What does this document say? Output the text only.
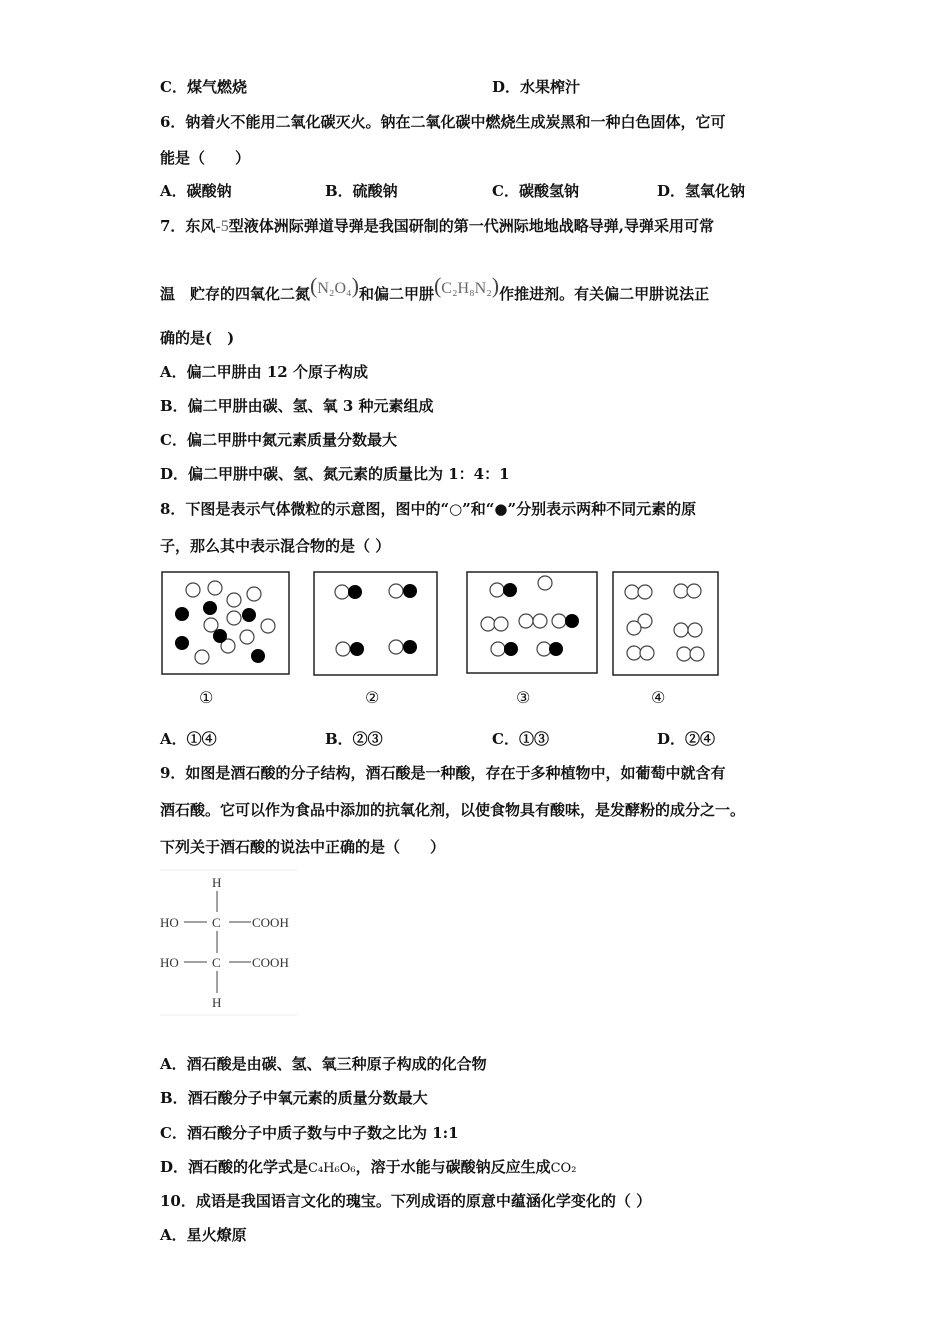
C．煤气燃烧	D．水果榨汁
6．钠着火不能用二氧化碳灭火。钠在二氧化碳中燃烧生成炭黑和一种白色固体，它可
能是（　　）
A．碳酸钠	B．硫酸钠	C．碳酸氢钠	D．氢氧化钠
7．东风-5型液体洲际弹道导弹是我国研制的第一代洲际地地战略导弹,导弹采用可常
温　贮存的四氧化二氮(N₂O₄)和偏二甲肼(C₂H₈N₂)作推进剂。有关偏二甲肼说法正
确的是(　)
A．偏二甲肼由 12 个原子构成
B．偏二甲肼由碳、氢、氧 3 种元素组成
C．偏二甲肼中氮元素质量分数最大
D．偏二甲肼中碳、氢、氮元素的质量比为 1：4：1
8．下图是表示气体微粒的示意图，图中的“○”和“●”分别表示两种不同元素的原
子，那么其中表示混合物的是（ ）
H
HO	C COOH
HO	C COOH
H
①	②	③	④
A．①④	B．②③	C．①③	D．②④
9．如图是酒石酸的分子结构，酒石酸是一种酸，存在于多种植物中，如葡萄中就含有
酒石酸。它可以作为食品中添加的抗氧化剂，以使食物具有酸味，是发酵粉的成分之一。
下列关于酒石酸的说法中正确的是（　　）
A．酒石酸是由碳、氢、氧三种原子构成的化合物
B．酒石酸分子中氧元素的质量分数最大
C．酒石酸分子中质子数与中子数之比为 1:1
D．酒石酸的化学式是C₄H₆O₆，溶于水能与碳酸钠反应生成CO₂
10．成语是我国语言文化的瑰宝。下列成语的原意中蕴涵化学变化的（ ）
A．星火燎原
